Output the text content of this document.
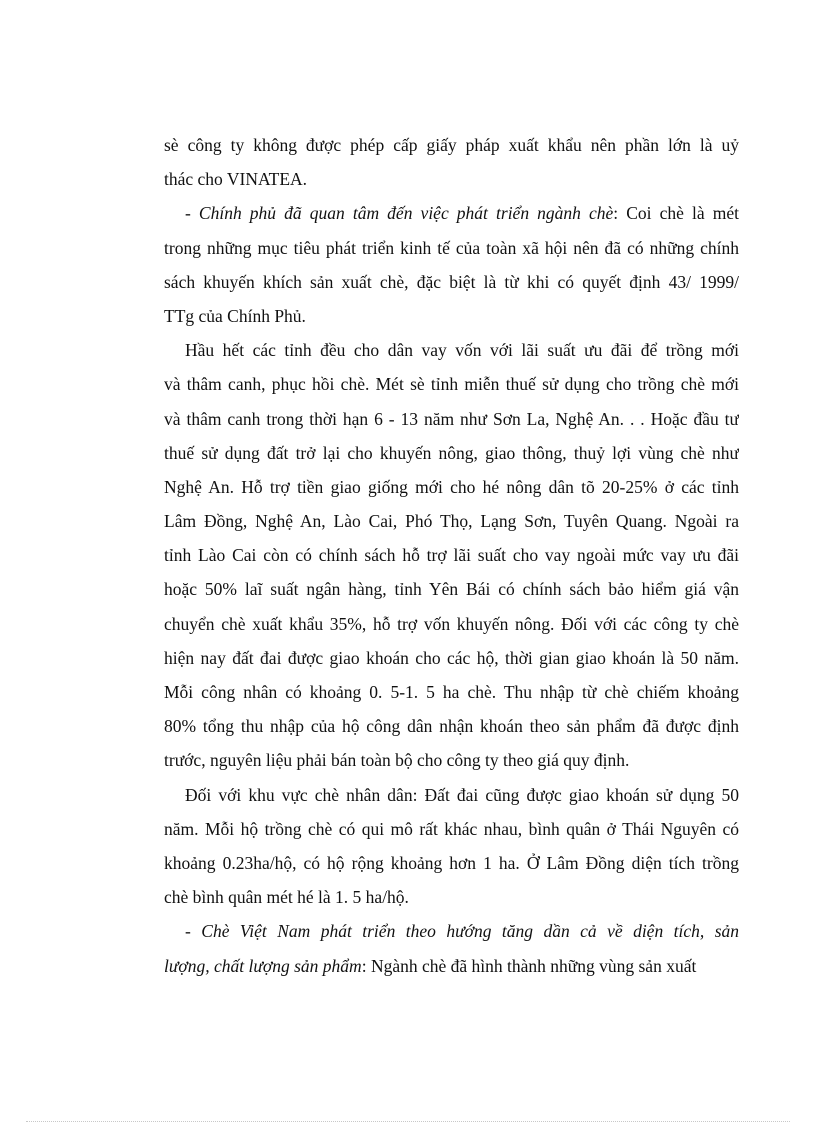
sè công ty không được phép cấp giấy pháp xuất khẩu nên phần lớn là uỷ
thác cho VINATEA.
- Chính phủ đã quan tâm đến việc phát triển ngành chè: Coi chè là mét
trong những mục tiêu phát triển kinh tế của toàn xã hội nên đã có những chính
sách khuyến khích sản xuất chè, đặc biệt là từ khi có quyết định 43/ 1999/
TTg của Chính Phủ.
Hầu hết các tỉnh đều cho dân vay vốn với lãi suất ưu đãi để trồng mới
và thâm canh, phục hồi chè. Mét sè tỉnh miễn thuế sử dụng cho trồng chè mới
và thâm canh trong thời hạn 6 - 13 năm như Sơn La, Nghệ An. . . Hoặc đầu tư
thuế sử dụng đất trở lại cho khuyến nông, giao thông, thuỷ lợi vùng chè như
Nghệ An. Hỗ trợ tiền giao giống mới cho hé nông dân tõ 20-25% ở các tỉnh
Lâm Đồng, Nghệ An, Lào Cai, Phó Thọ, Lạng Sơn, Tuyên Quang. Ngoài ra
tỉnh Lào Cai còn có chính sách hỗ trợ lãi suất cho vay ngoài mức vay ưu đãi
hoặc 50% laĩ suất ngân hàng, tỉnh Yên Bái có chính sách bảo hiểm giá vận
chuyển chè xuất khẩu 35%, hỗ trợ vốn khuyến nông. Đối với các công ty chè
hiện nay đất đai được giao khoán cho các hộ, thời gian giao khoán là 50 năm.
Mỗi công nhân có khoảng 0. 5-1. 5 ha chè. Thu nhập từ chè chiếm khoảng
80% tổng thu nhập của hộ công dân nhận khoán theo sản phẩm đã được định
trước, nguyên liệu phải bán toàn bộ cho công ty theo giá quy định.
Đối với khu vực chè nhân dân: Đất đai cũng được giao khoán sử dụng 50
năm. Mỗi hộ trồng chè có qui mô rất khác nhau, bình quân ở Thái Nguyên có
khoảng 0.23ha/hộ, có hộ rộng khoảng hơn 1 ha. Ở Lâm Đồng diện tích trồng
chè bình quân mét hé là 1. 5 ha/hộ.
- Chè Việt Nam phát triển theo hướng tăng dần cả về diện tích, sản
lượng, chất lượng sản phẩm: Ngành chè đã hình thành những vùng sản xuất
